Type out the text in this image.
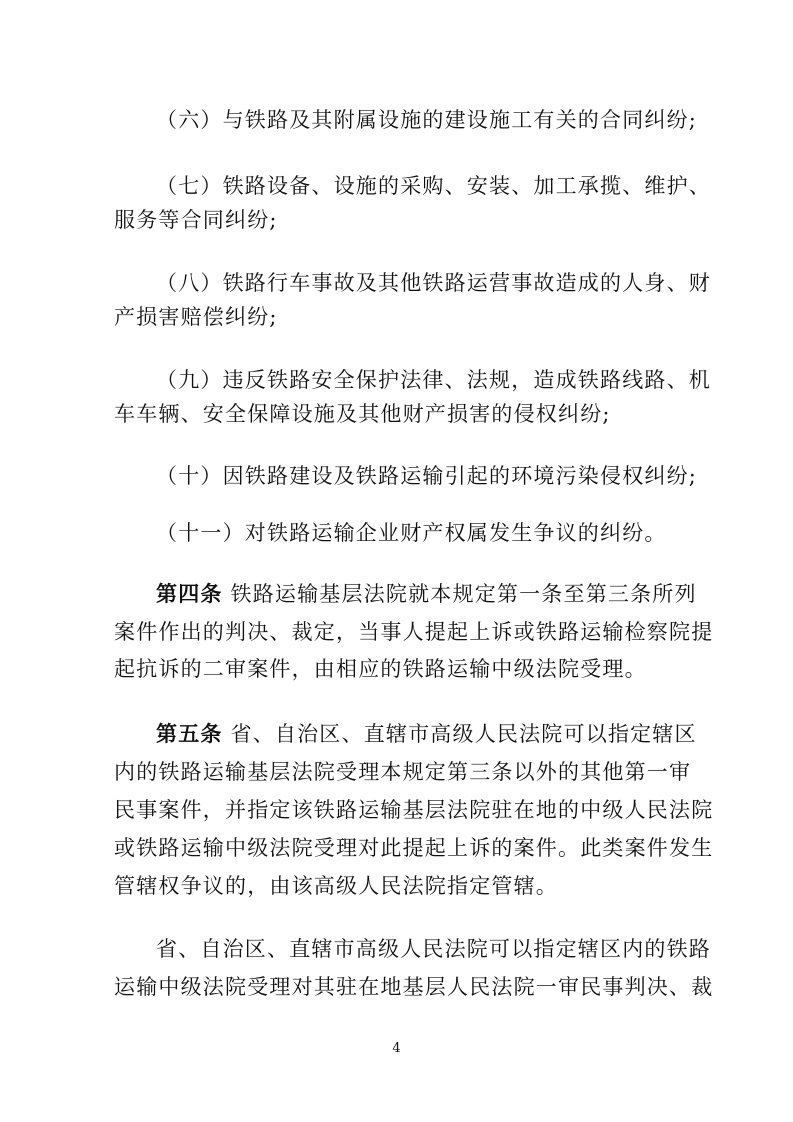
（六）与铁路及其附属设施的建设施工有关的合同纠纷;
（七）铁路设备、设施的采购、安装、加工承揽、维护、
服务等合同纠纷;
（八）铁路行车事故及其他铁路运营事故造成的人身、财
产损害赔偿纠纷;
（九）违反铁路安全保护法律、法规，造成铁路线路、机
车车辆、安全保障设施及其他财产损害的侵权纠纷;
（十）因铁路建设及铁路运输引起的环境污染侵权纠纷;
（十一）对铁路运输企业财产权属发生争议的纠纷。
第四条 铁路运输基层法院就本规定第一条至第三条所列
案件作出的判决、裁定，当事人提起上诉或铁路运输检察院提
起抗诉的二审案件，由相应的铁路运输中级法院受理。
第五条 省、自治区、直辖市高级人民法院可以指定辖区
内的铁路运输基层法院受理本规定第三条以外的其他第一审
民事案件，并指定该铁路运输基层法院驻在地的中级人民法院
或铁路运输中级法院受理对此提起上诉的案件。此类案件发生
管辖权争议的，由该高级人民法院指定管辖。
省、自治区、直辖市高级人民法院可以指定辖区内的铁路
运输中级法院受理对其驻在地基层人民法院一审民事判决、裁
4
